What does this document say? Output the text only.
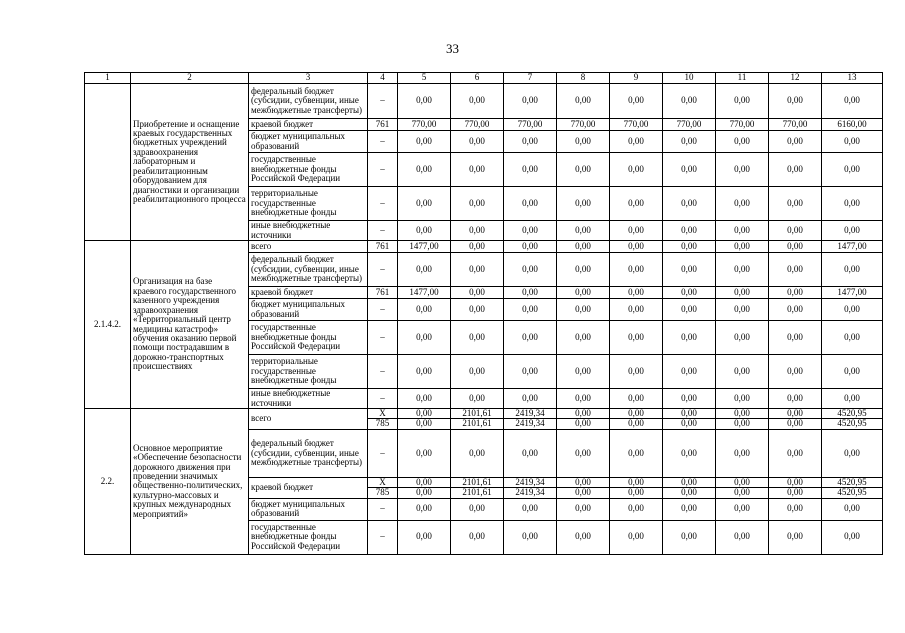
33
1	2	3	4	5	6	7	8	9	10	11	12	13
	Приобретение и оснащение краевых государственных бюджетных учреждений здравоохранения лабораторным и реабилитационным оборудованием для диагностики и организации реабилитационного процесса	федеральный бюджет (субсидии, субвенции, иные межбюджетные трансферты)	–	0,00	0,00	0,00	0,00	0,00	0,00	0,00	0,00	0,00
		краевой бюджет	761	770,00	770,00	770,00	770,00	770,00	770,00	770,00	770,00	6160,00
		бюджет муниципальных образований	–	0,00	0,00	0,00	0,00	0,00	0,00	0,00	0,00	0,00
		государственные внебюджетные фонды Российской Федерации	–	0,00	0,00	0,00	0,00	0,00	0,00	0,00	0,00	0,00
		территориальные государственные внебюджетные фонды	–	0,00	0,00	0,00	0,00	0,00	0,00	0,00	0,00	0,00
		иные внебюджетные источники	–	0,00	0,00	0,00	0,00	0,00	0,00	0,00	0,00	0,00
2.1.4.2.	Организация на базе краевого государственного казенного учреждения здравоохранения «Территориальный центр медицины катастроф» обучения оказанию первой помощи пострадавшим в дорожно-транспортных происшествиях	всего	761	1477,00	0,00	0,00	0,00	0,00	0,00	0,00	0,00	1477,00
		федеральный бюджет (субсидии, субвенции, иные межбюджетные трансферты)	–	0,00	0,00	0,00	0,00	0,00	0,00	0,00	0,00	0,00
		краевой бюджет	761	1477,00	0,00	0,00	0,00	0,00	0,00	0,00	0,00	1477,00
		бюджет муниципальных образований	–	0,00	0,00	0,00	0,00	0,00	0,00	0,00	0,00	0,00
		государственные внебюджетные фонды Российской Федерации	–	0,00	0,00	0,00	0,00	0,00	0,00	0,00	0,00	0,00
		территориальные государственные внебюджетные фонды	–	0,00	0,00	0,00	0,00	0,00	0,00	0,00	0,00	0,00
		иные внебюджетные источники	–	0,00	0,00	0,00	0,00	0,00	0,00	0,00	0,00	0,00
2.2.	Основное мероприятие «Обеспечение безопасности дорожного движения при проведении значимых общественно-политических, культурно-массовых и крупных международных мероприятий»	всего	Х	0,00	2101,61	2419,34	0,00	0,00	0,00	0,00	0,00	4520,95
			785	0,00	2101,61	2419,34	0,00	0,00	0,00	0,00	0,00	4520,95
		федеральный бюджет (субсидии, субвенции, иные межбюджетные трансферты)	–	0,00	0,00	0,00	0,00	0,00	0,00	0,00	0,00	0,00
		краевой бюджет	Х	0,00	2101,61	2419,34	0,00	0,00	0,00	0,00	0,00	4520,95
			785	0,00	2101,61	2419,34	0,00	0,00	0,00	0,00	0,00	4520,95
		бюджет муниципальных образований	–	0,00	0,00	0,00	0,00	0,00	0,00	0,00	0,00	0,00
		государственные внебюджетные фонды Российской Федерации	–	0,00	0,00	0,00	0,00	0,00	0,00	0,00	0,00	0,00
